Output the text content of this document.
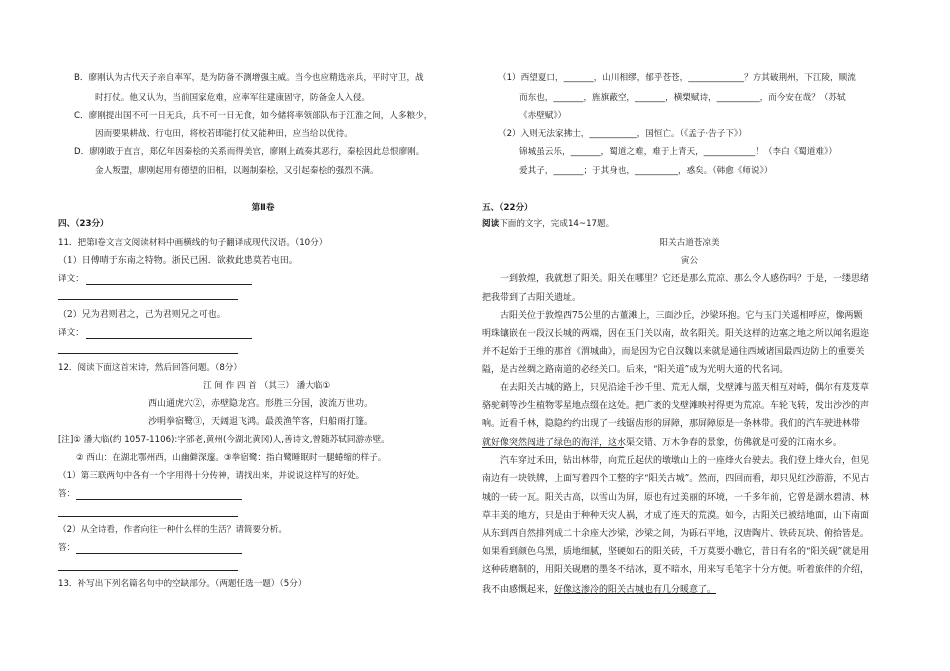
B．廖刚认为古代天子亲自率军，是为防备不测增强主威。当今也应精选亲兵，平时守卫，战
时打仗。他又认为，当前国家危难，应率军往建康固守，防备金人入侵。
C．廖刚提出国不可一日无兵，兵不可一日无食，如今储将率领部队布于江淮之间，人多粮少，
因而要果耕战、行屯田，将校若即能打仗又能种田，应当给以优待。
D．廖刚敢于直言，郑亿年因秦桧的关系而得美官，廖刚上疏奏其恶行，秦桧因此总恨廖刚。
金人叛盟，廖刚起用有德望的旧相，以遏制秦桧，又引起秦桧的强烈不满。
第Ⅱ卷
四、（23分）
11．把第Ⅰ卷文言文阅读材料中画横线的句子翻译成现代汉语。（10分）
（1）日傅晴于东南之特物。浙民已困．欲救此患莫若屯田。
译文：
（2）兄为君则君之，己为君则兄之可也。
译文：
12．阅读下面这首宋诗，然后回答问题。（8分）
江 间 作 四 首 （其三） 潘大临①
西山通虎穴②，赤壁隐龙宫。形胜三分国，波流万世功。
沙明拳宿鹭③，天阔退飞鸿。最羡渔竿客，归船雨打篷。
[注]① 潘大临(约 1057-1106):字邠老,黄州(今湖北黄冈)人,善诗文,曾随苏轼同游赤壁。
② 西山：在湖北鄂州西，山幽僻深邃。③拳宿鹭：指白鹭睡眠时一腿蜷缩的样子。
（1）第三联两句中各有一个字用得十分传神，请找出来，并说说这样写的好处。
答：
（2）从全诗看，作者向往一种什么样的生活？请简要分析。
答：
13．补写出下列名篇名句中的空缺部分。（两题任选一题）（5分）
（1）西望夏口，_______，山川相缪，郁乎苍苍，_____________？方其破荆州，下江陵，顺流
而东也，_______，旌旗蔽空，_______，横槊赋诗，__________，而今安在哉？（苏轼
《赤壁赋》）
（2）入则无法家拂士，___________，国恒亡。（《孟子·告子下》）
锦城虽云乐，_______，蜀道之难，难于上青天，____________！（李白《蜀道难》）
爱其子，_______；于其身也，__________，惑矣。（韩愈《师说》）
五、（22分）
阅读下面的文字，完成14~17题。
阳关古道苍凉美
寅公
一到敦煌，我就想了阳关。阳关在哪里？它还是那么荒凉、那么令人感伤吗？于是，一缕思绪
把我带到了古阳关遗址。
古阳关位于敦煌西75公里的古董滩上，三面沙丘，沙梁环抱。它与玉门关遥相呼应，像两颗
明珠镶嵌在一段汉长城的两端，因在玉门关以南，故名阳关。阳关这样的边塞之地之所以闻名遐迩
并不起始于王维的那首《渭城曲》，而是因为它自汉魏以来就是通往西域诸国最西边防上的重要关
隘，是古丝绸之路南道的必经关口。后来，“阳关道”成为光明大道的代名词。
在去阳关古城的路上，只见沿途千沙千里、荒无人烟，戈壁滩与蓝天相互对峙，偶尔有芨芨草
骆驼刺等沙生植物零星地点缀在这处。把广袤的戈壁滩映衬得更为荒凉。车轮飞转，发出沙沙的声
响。近看千林，隐隐约约出现了一线锯齿形的屏障，那屏障原是一条林带。我们的汽车驶进林带
就好像突然闯进了绿色的海洋，这水渠交错、万木争春的景象，仿佛就是可爱的江南水乡。
汽车穿过禾田，钻出林带，向荒丘起伏的墩墩山上的一座烽火台驶去。我们登上烽火台，但见
南边有一块铁牌，上面写着四个工整的字“阳关古城”。然而，四回而看，却只见红沙游游，不见古
城的一砖一瓦。阳关古高，以雪山为屏，原也有过美丽的环境，一千多年前，它曾是湖水碧清、林
草丰美的地方，只是由于种种天灾人祸，才成了连天的荒漠。如今，古阳关已被结地面，山下南面
从东到西自然排列成二十余座大沙梁，沙梁之间，为砾石平地，汉唐陶片、铁砖瓦块、俯拾皆是。
如果看到颜色乌黑，质地细腻，坚硬如石的阳关砖，千万莫要小瞧它，昔日有名的“阳关砚”就是用
这种砖磨制的，用阳关砚磨的墨冬不结冰，夏不暗水，用来写毛笔字十分方便。听着旅伴的介绍，
我不由感慨起来，好像这渗冷的阳关古城也有几分暖意了。
